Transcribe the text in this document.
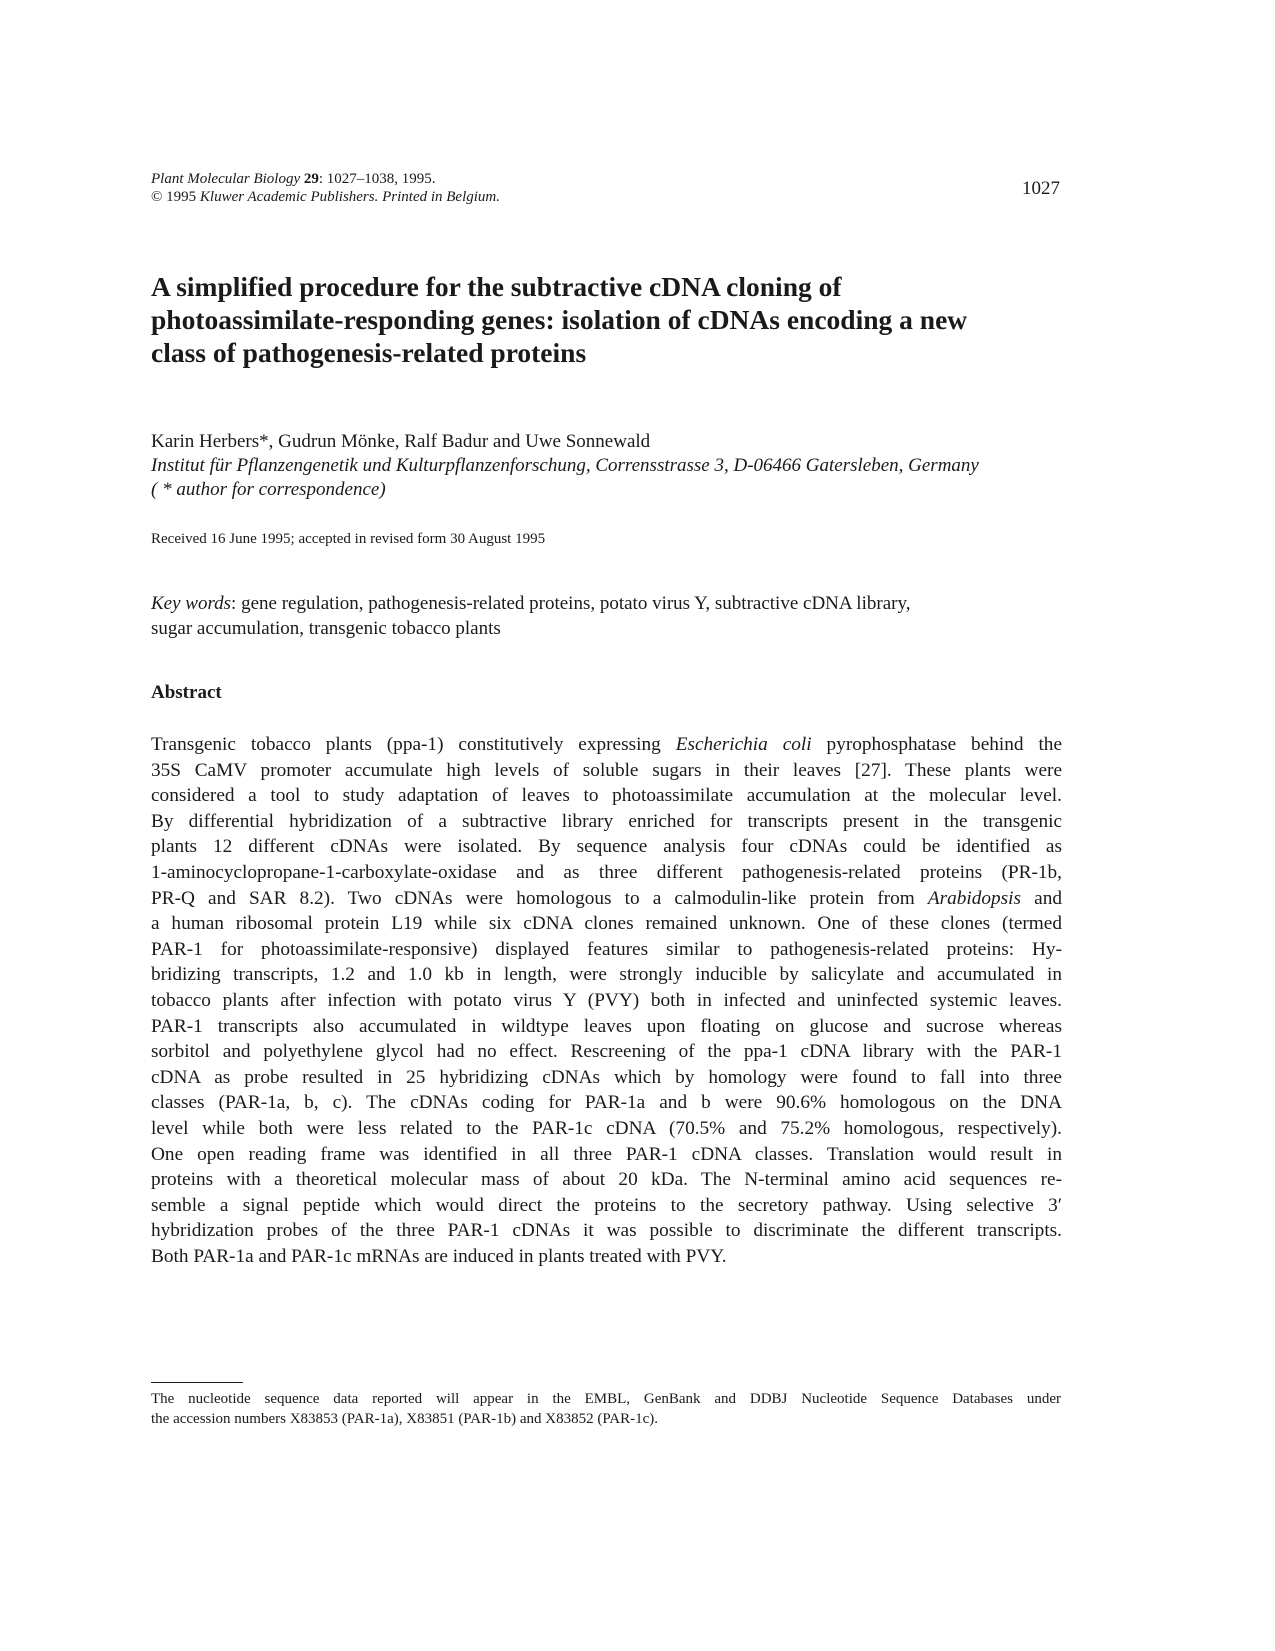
Plant Molecular Biology 29: 1027–1038, 1995.
© 1995 Kluwer Academic Publishers. Printed in Belgium.	1027
A simplified procedure for the subtractive cDNA cloning of
photoassimilate-responding genes: isolation of cDNAs encoding a new
class of pathogenesis-related proteins
Karin Herbers*, Gudrun Mönke, Ralf Badur and Uwe Sonnewald
Institut für Pflanzengenetik und Kulturpflanzenforschung, Corrensstrasse 3, D-06466 Gatersleben, Germany
( * author for correspondence)
Received 16 June 1995; accepted in revised form 30 August 1995
Key words: gene regulation, pathogenesis-related proteins, potato virus Y, subtractive cDNA library,
sugar accumulation, transgenic tobacco plants
Abstract
Transgenic tobacco plants (ppa-1) constitutively expressing Escherichia coli pyrophosphatase behind the
35S CaMV promoter accumulate high levels of soluble sugars in their leaves [27]. These plants were
considered a tool to study adaptation of leaves to photoassimilate accumulation at the molecular level.
By differential hybridization of a subtractive library enriched for transcripts present in the transgenic
plants 12 different cDNAs were isolated. By sequence analysis four cDNAs could be identified as
1-aminocyclopropane-1-carboxylate-oxidase and as three different pathogenesis-related proteins (PR-1b,
PR-Q and SAR 8.2). Two cDNAs were homologous to a calmodulin-like protein from Arabidopsis and
a human ribosomal protein L19 while six cDNA clones remained unknown. One of these clones (termed
PAR-1 for photoassimilate-responsive) displayed features similar to pathogenesis-related proteins: Hy-
bridizing transcripts, 1.2 and 1.0 kb in length, were strongly inducible by salicylate and accumulated in
tobacco plants after infection with potato virus Y (PVY) both in infected and uninfected systemic leaves.
PAR-1 transcripts also accumulated in wildtype leaves upon floating on glucose and sucrose whereas
sorbitol and polyethylene glycol had no effect. Rescreening of the ppa-1 cDNA library with the PAR-1
cDNA as probe resulted in 25 hybridizing cDNAs which by homology were found to fall into three
classes (PAR-1a, b, c). The cDNAs coding for PAR-1a and b were 90.6% homologous on the DNA
level while both were less related to the PAR-1c cDNA (70.5% and 75.2% homologous, respectively).
One open reading frame was identified in all three PAR-1 cDNA classes. Translation would result in
proteins with a theoretical molecular mass of about 20 kDa. The N-terminal amino acid sequences re-
semble a signal peptide which would direct the proteins to the secretory pathway. Using selective 3′
hybridization probes of the three PAR-1 cDNAs it was possible to discriminate the different transcripts.
Both PAR-1a and PAR-1c mRNAs are induced in plants treated with PVY.
The nucleotide sequence data reported will appear in the EMBL, GenBank and DDBJ Nucleotide Sequence Databases under
the accession numbers X83853 (PAR-1a), X83851 (PAR-1b) and X83852 (PAR-1c).
